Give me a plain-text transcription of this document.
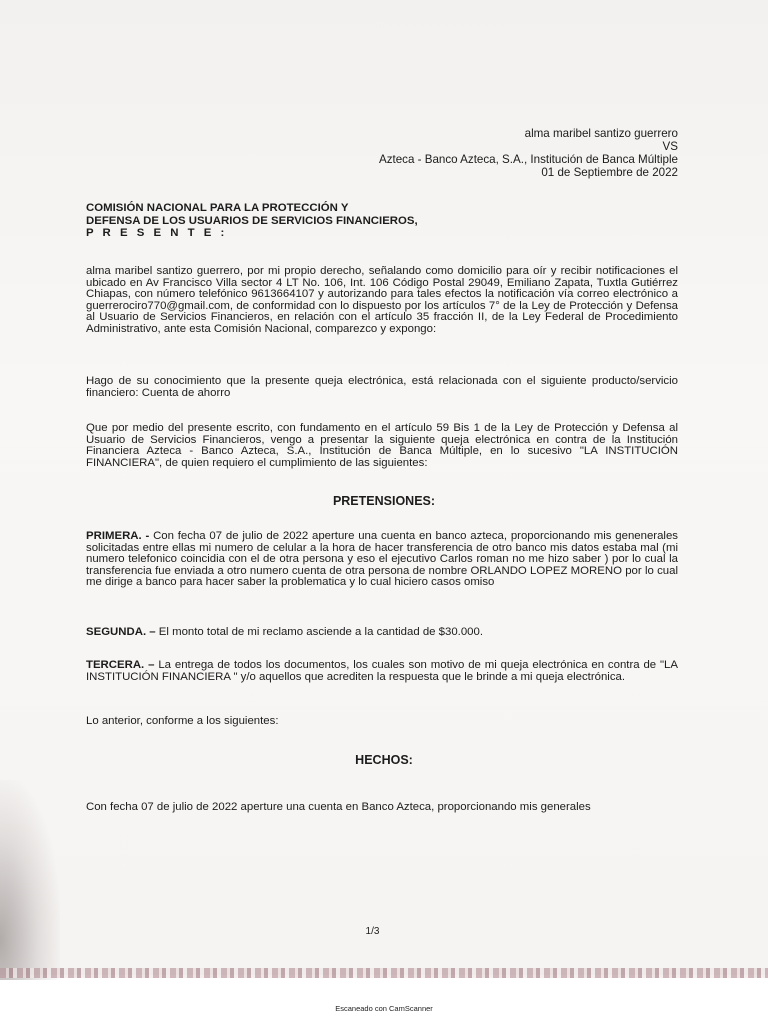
alma maribel santizo guerrero
VS
Azteca - Banco Azteca, S.A., Institución de Banca Múltiple
01 de Septiembre de 2022
COMISIÓN NACIONAL PARA LA PROTECCIÓN Y
DEFENSA DE LOS USUARIOS DE SERVICIOS FINANCIEROS,
P R E S E N T E :
alma maribel santizo guerrero, por mi propio derecho, señalando como domicilio para oír y recibir notificaciones el ubicado en Av Francisco Villa sector 4 LT No. 106, Int. 106 Código Postal 29049, Emiliano Zapata, Tuxtla Gutiérrez Chiapas, con número telefónico 9613664107 y autorizando para tales efectos la notificación vía correo electrónico a guerrerociro770@gmail.com, de conformidad con lo dispuesto por los artículos 7° de la Ley de Protección y Defensa al Usuario de Servicios Financieros, en relación con el artículo 35 fracción II, de la Ley Federal de Procedimiento Administrativo, ante esta Comisión Nacional, comparezco y expongo:
Hago de su conocimiento que la presente queja electrónica, está relacionada con el siguiente producto/servicio financiero: Cuenta de ahorro
Que por medio del presente escrito, con fundamento en el artículo 59 Bis 1 de la Ley de Protección y Defensa al Usuario de Servicios Financieros, vengo a presentar la siguiente queja electrónica en contra de la Institución Financiera Azteca - Banco Azteca, S.A., Institución de Banca Múltiple, en lo sucesivo "LA INSTITUCIÓN FINANCIERA", de quien requiero el cumplimiento de las siguientes:
PRETENSIONES:
PRIMERA. - Con fecha 07 de julio de 2022 aperture una cuenta en banco azteca, proporcionando mis genenerales solicitadas entre ellas mi numero de celular a la hora de hacer transferencia de otro banco mis datos estaba mal (mi numero telefonico coincidia con el de otra persona y eso el ejecutivo Carlos roman no me hizo saber ) por lo cual la transferencia fue enviada a otro numero cuenta de otra persona de nombre ORLANDO LOPEZ MORENO por lo cual me dirige a banco para hacer saber la problematica y lo cual hiciero casos omiso
SEGUNDA. – El monto total de mi reclamo asciende a la cantidad de $30.000.
TERCERA. – La entrega de todos los documentos, los cuales son motivo de mi queja electrónica en contra de "LA INSTITUCIÓN FINANCIERA " y/o aquellos que acrediten la respuesta que le brinde a mi queja electrónica.
Lo anterior, conforme a los siguientes:
HECHOS:
Con fecha 07 de julio de 2022 aperture una cuenta en Banco Azteca, proporcionando mis generales
1/3
Escaneado con CamScanner
